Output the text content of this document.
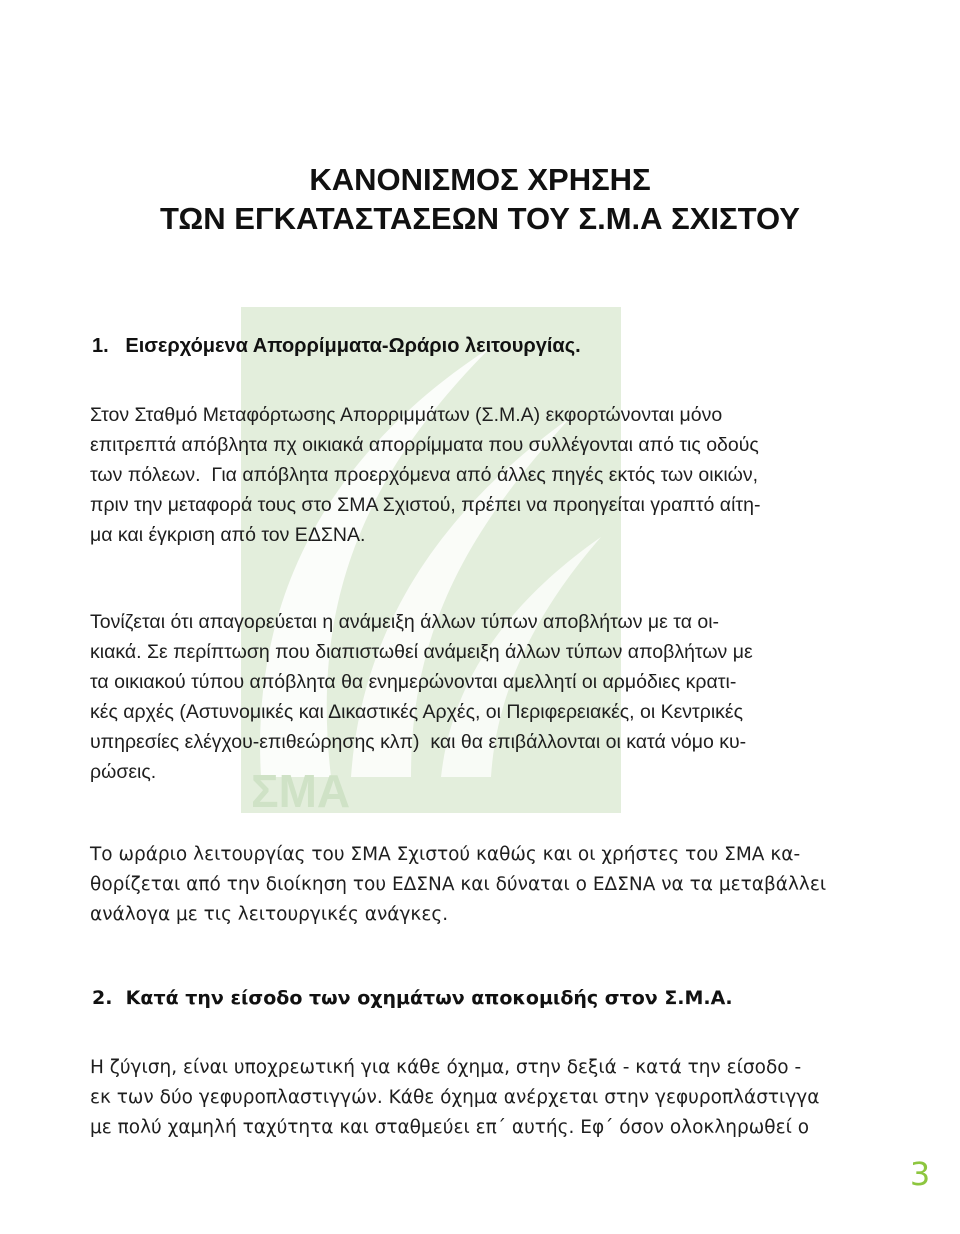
ΣΜΑ
ΚΑΝΟΝΙΣΜΟΣ ΧΡΗΣΗΣ
ΤΩΝ ΕΓΚΑΤΑΣΤΑΣΕΩΝ ΤΟΥ Σ.Μ.Α ΣΧΙΣΤΟΥ
1.   Εισερχόμενα Απορρίμματα-Ωράριο λειτουργίας.
Στον Σταθμό Μεταφόρτωσης Απορριμμάτων (Σ.Μ.Α) εκφορτώνονται μόνο
επιτρεπτά απόβλητα πχ οικιακά απορρίμματα που συλλέγονται από τις οδούς
των πόλεων.  Για απόβλητα προερχόμενα από άλλες πηγές εκτός των οικιών,
πριν την μεταφορά τους στο ΣΜΑ Σχιστού, πρέπει να προηγείται γραπτό αίτη-
μα και έγκριση από τον ΕΔΣΝΑ.
Τονίζεται ότι απαγορεύεται η ανάμειξη άλλων τύπων αποβλήτων με τα οι-
κιακά. Σε περίπτωση που διαπιστωθεί ανάμειξη άλλων τύπων αποβλήτων με
τα οικιακού τύπου απόβλητα θα ενημερώνονται αμελλητί οι αρμόδιες κρατι-
κές αρχές (Αστυνομικές και Δικαστικές Αρχές, οι Περιφερειακές, οι Κεντρικές
υπηρεσίες ελέγχου-επιθεώρησης κλπ)  και θα επιβάλλονται οι κατά νόμο κυ-
ρώσεις.
Το ωράριο λειτουργίας του ΣΜΑ Σχιστού καθώς και οι χρήστες του ΣΜΑ κα-
θορίζεται από την διοίκηση του ΕΔΣΝΑ και δύναται ο ΕΔΣΝΑ να τα μεταβάλλει
ανάλογα με τις λειτουργικές ανάγκες.
2.  Κατά την είσοδο των οχημάτων αποκομιδής στον Σ.Μ.Α.
Η ζύγιση, είναι υποχρεωτική για κάθε όχημα, στην δεξιά - κατά την είσοδο -
εκ των δύο γεφυροπλαστιγγών. Κάθε όχημα ανέρχεται στην γεφυροπλάστιγγα
με πολύ χαμηλή ταχύτητα και σταθμεύει επ΄ αυτής. Εφ΄ όσον ολοκληρωθεί ο
3
